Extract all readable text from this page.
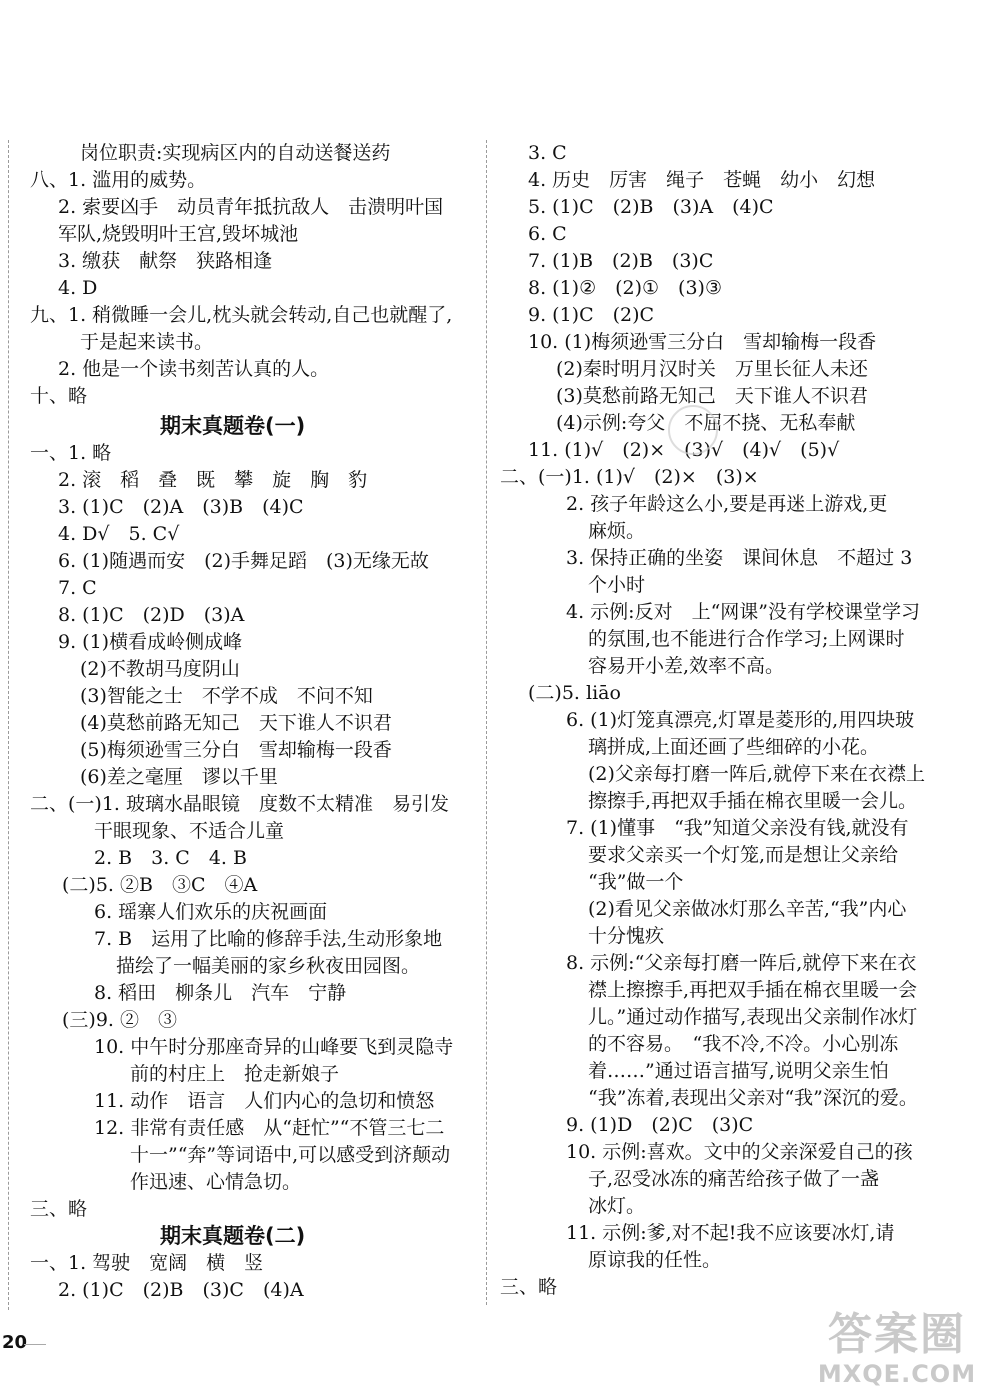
岗位职责:实现病区内的自动送餐送药
八、1. 滥用的威势。
2. 索要凶手　动员青年抵抗敌人　击溃明叶国
军队,烧毁明叶王宫,毁坏城池
3. 缴获　献祭　狭路相逢
4. D
九、1. 稍微睡一会儿,枕头就会转动,自己也就醒了,
于是起来读书。
2. 他是一个读书刻苦认真的人。
十、略
期末真题卷(一)
一、1. 略
2. 滚　稻　叠　既　攀　旋　胸　豹
3. (1)C　(2)A　(3)B　(4)C
4. D√　5. C√
6. (1)随遇而安　(2)手舞足蹈　(3)无缘无故
7. C
8. (1)C　(2)D　(3)A
9. (1)横看成岭侧成峰
(2)不教胡马度阴山
(3)智能之士　不学不成　不问不知
(4)莫愁前路无知己　天下谁人不识君
(5)梅须逊雪三分白　雪却输梅一段香
(6)差之毫厘　谬以千里
二、(一)1. 玻璃水晶眼镜　度数不太精准　易引发
干眼现象、不适合儿童
2. B　3. C　4. B
(二)5. ②B　③C　④A
6. 瑶寨人们欢乐的庆祝画面
7. B　运用了比喻的修辞手法,生动形象地
描绘了一幅美丽的家乡秋夜田园图。
8. 稻田　柳条儿　汽车　宁静
(三)9. ②　③
10. 中午时分那座奇异的山峰要飞到灵隐寺
前的村庄上　抢走新娘子
11. 动作　语言　人们内心的急切和愤怒
12. 非常有责任感　从“赶忙”“不管三七二
十一”“奔”等词语中,可以感受到济颠动
作迅速、心情急切。
三、略
期末真题卷(二)
一、1. 驾驶　宽阔　横　竖
2. (1)C　(2)B　(3)C　(4)A
3. C
4. 历史　厉害　绳子　苍蝇　幼小　幻想
5. (1)C　(2)B　(3)A　(4)C
6. C
7. (1)B　(2)B　(3)C
8. (1)②　(2)①　(3)③
9. (1)C　(2)C
10. (1)梅须逊雪三分白　雪却输梅一段香
(2)秦时明月汉时关　万里长征人未还
(3)莫愁前路无知己　天下谁人不识君
(4)示例:夸父　不屈不挠、无私奉献
11. (1)√　(2)×　(3)√　(4)√　(5)√
二、(一)1. (1)√　(2)×　(3)×
2. 孩子年龄这么小,要是再迷上游戏,更
麻烦。
3. 保持正确的坐姿　课间休息　不超过 3
个小时
4. 示例:反对　上“网课”没有学校课堂学习
的氛围,也不能进行合作学习;上网课时
容易开小差,效率不高。
(二)5. liāo
6. (1)灯笼真漂亮,灯罩是菱形的,用四块玻
璃拼成,上面还画了些细碎的小花。
(2)父亲每打磨一阵后,就停下来在衣襟上
擦擦手,再把双手插在棉衣里暖一会儿。
7. (1)懂事　“我”知道父亲没有钱,就没有
要求父亲买一个灯笼,而是想让父亲给
“我”做一个
(2)看见父亲做冰灯那么辛苦,“我”内心
十分愧疚
8. 示例:“父亲每打磨一阵后,就停下来在衣
襟上擦擦手,再把双手插在棉衣里暖一会
儿。”通过动作描写,表现出父亲制作冰灯
的不容易。　“我不冷,不冷。小心别冻
着……”通过语言描写,说明父亲生怕
“我”冻着,表现出父亲对“我”深沉的爱。
9. (1)D　(2)C　(3)C
10. 示例:喜欢。文中的父亲深爱自己的孩
子,忍受冰冻的痛苦给孩子做了一盏
冰灯。
11. 示例:爹,对不起!我不应该要冰灯,请
原谅我的任性。
三、略
20	答案圈
MXQE.COM
